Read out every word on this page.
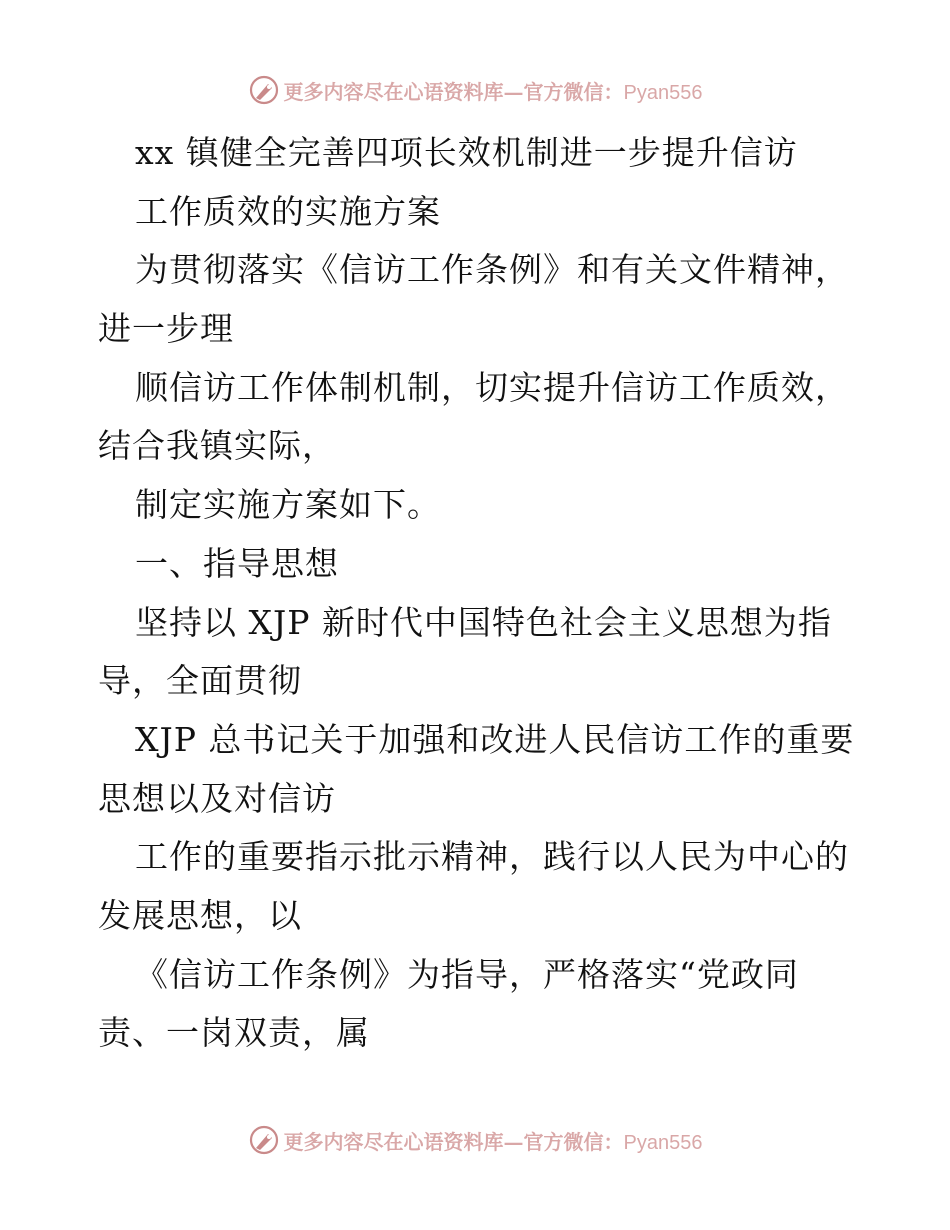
更多内容尽在心语资料库—官方微信：Pyan556
xx 镇健全完善四项长效机制进一步提升信访
工作质效的实施方案
为贯彻落实《信访工作条例》和有关文件精神，
进一步理
顺信访工作体制机制，切实提升信访工作质效，
结合我镇实际，
制定实施方案如下。
一、指导思想
坚持以 XJP 新时代中国特色社会主义思想为指
导，全面贯彻
XJP 总书记关于加强和改进人民信访工作的重要
思想以及对信访
工作的重要指示批示精神，践行以人民为中心的
发展思想，以
《信访工作条例》为指导，严格落实“党政同
责、一岗双责，属
更多内容尽在心语资料库—官方微信：Pyan556
